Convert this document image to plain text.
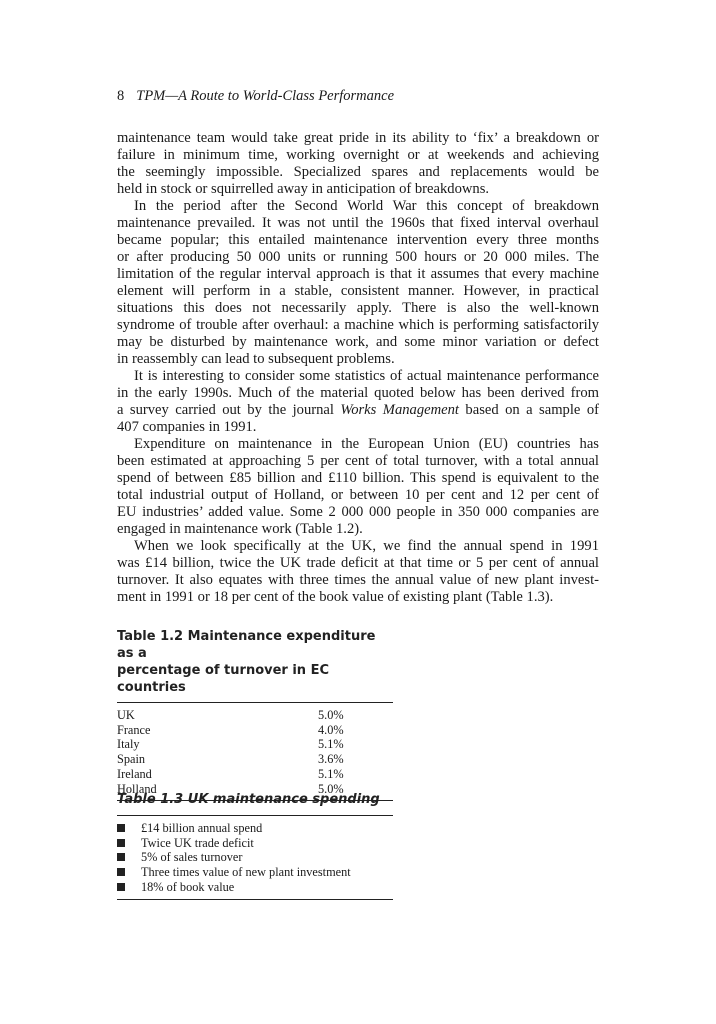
8 TPM—A Route to World-Class Performance
maintenance team would take great pride in its ability to ‘fix’ a breakdown or
failure in minimum time, working overnight or at weekends and achieving
the seemingly impossible. Specialized spares and replacements would be
held in stock or squirrelled away in anticipation of breakdowns.
In the period after the Second World War this concept of breakdown
maintenance prevailed. It was not until the 1960s that fixed interval overhaul
became popular; this entailed maintenance intervention every three months
or after producing 50 000 units or running 500 hours or 20 000 miles. The
limitation of the regular interval approach is that it assumes that every machine
element will perform in a stable, consistent manner. However, in practical
situations this does not necessarily apply. There is also the well-known
syndrome of trouble after overhaul: a machine which is performing satisfactorily
may be disturbed by maintenance work, and some minor variation or defect
in reassembly can lead to subsequent problems.
It is interesting to consider some statistics of actual maintenance performance
in the early 1990s. Much of the material quoted below has been derived from
a survey carried out by the journal Works Management based on a sample of
407 companies in 1991.
Expenditure on maintenance in the European Union (EU) countries has
been estimated at approaching 5 per cent of total turnover, with a total annual
spend of between £85 billion and £110 billion. This spend is equivalent to the
total industrial output of Holland, or between 10 per cent and 12 per cent of
EU industries’ added value. Some 2 000 000 people in 350 000 companies are
engaged in maintenance work (Table 1.2).
When we look specifically at the UK, we find the annual spend in 1991
was £14 billion, twice the UK trade deficit at that time or 5 per cent of annual
turnover. It also equates with three times the annual value of new plant invest-
ment in 1991 or 18 per cent of the book value of existing plant (Table 1.3).
Table 1.2 Maintenance expenditure as a
percentage of turnover in EC countries
UK	5.0%
France	4.0%
Italy	5.1%
Spain	3.6%
Ireland	5.1%
Holland	5.0%
Table 1.3 UK maintenance spending
£14 billion annual spend
Twice UK trade deficit
5% of sales turnover
Three times value of new plant investment
18% of book value
